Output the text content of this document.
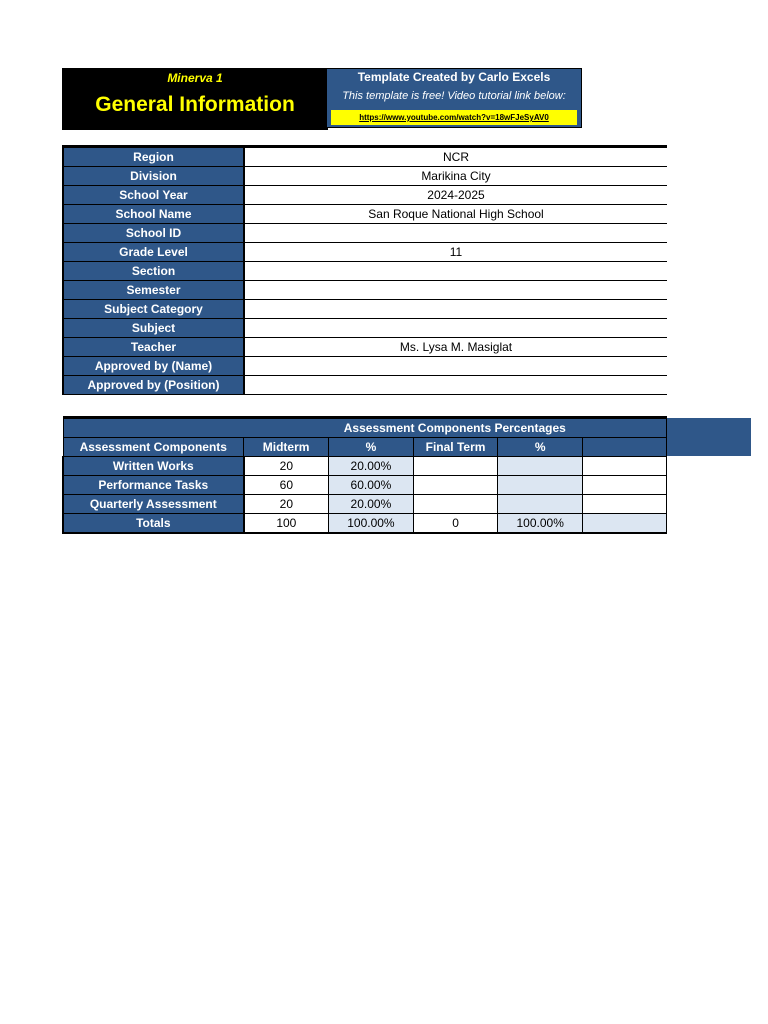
Minerva 1
General Information
Template Created by Carlo Excels
This template is free! Video tutorial link below:
https://www.youtube.com/watch?v=18wFJeSyAV0
Region	NCR
Division	Marikina City
School Year	2024-2025
School Name	San Roque National High School
School ID	
Grade Level	11
Section	
Semester	
Subject Category	
Subject	
Teacher	Ms. Lysa M. Masiglat
Approved by (Name)	
Approved by (Position)	
	Assessment Components Percentages				
Assessment Components	Midterm	%	Final Term	%	
Written Works	20	20.00%			
Performance Tasks	60	60.00%			
Quarterly Assessment	20	20.00%			
Totals	100	100.00%	0	100.00%	
